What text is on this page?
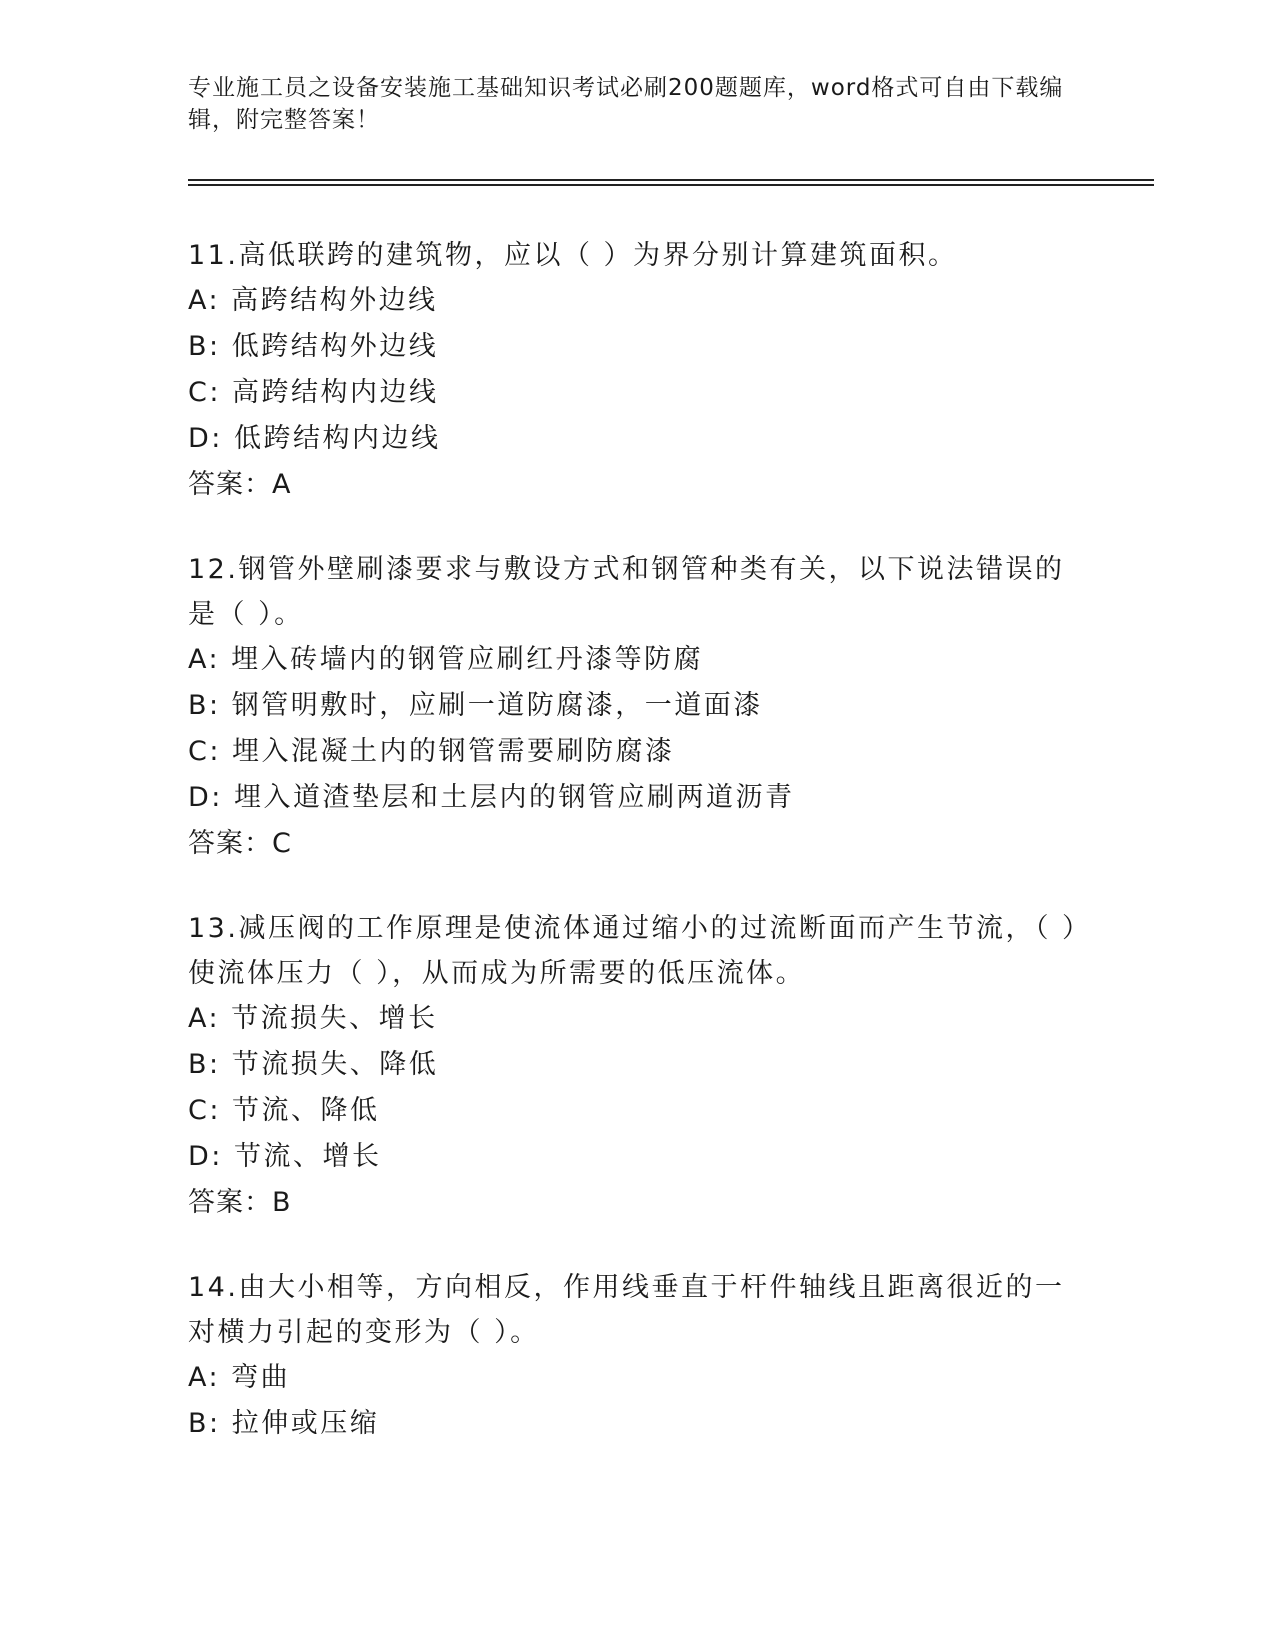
专业施工员之设备安装施工基础知识考试必刷200题题库，word格式可自由下载编辑，附完整答案！

11.高低联跨的建筑物，应以（ ）为界分别计算建筑面积。

A: 高跨结构外边线

B: 低跨结构外边线

C: 高跨结构内边线

D: 低跨结构内边线

答案：A

12.钢管外壁刷漆要求与敷设方式和钢管种类有关，以下说法错误的是（ ）。

A: 埋入砖墙内的钢管应刷红丹漆等防腐

B: 钢管明敷时，应刷一道防腐漆，一道面漆

C: 埋入混凝土内的钢管需要刷防腐漆

D: 埋入道渣垫层和土层内的钢管应刷两道沥青

答案：C

13.减压阀的工作原理是使流体通过缩小的过流断面而产生节流，（ ）使流体压力（ ），从而成为所需要的低压流体。

A: 节流损失、增长

B: 节流损失、降低

C: 节流、降低

D: 节流、增长

答案：B

14.由大小相等，方向相反，作用线垂直于杆件轴线且距离很近的一对横力引起的变形为（ ）。

A: 弯曲

B: 拉伸或压缩
